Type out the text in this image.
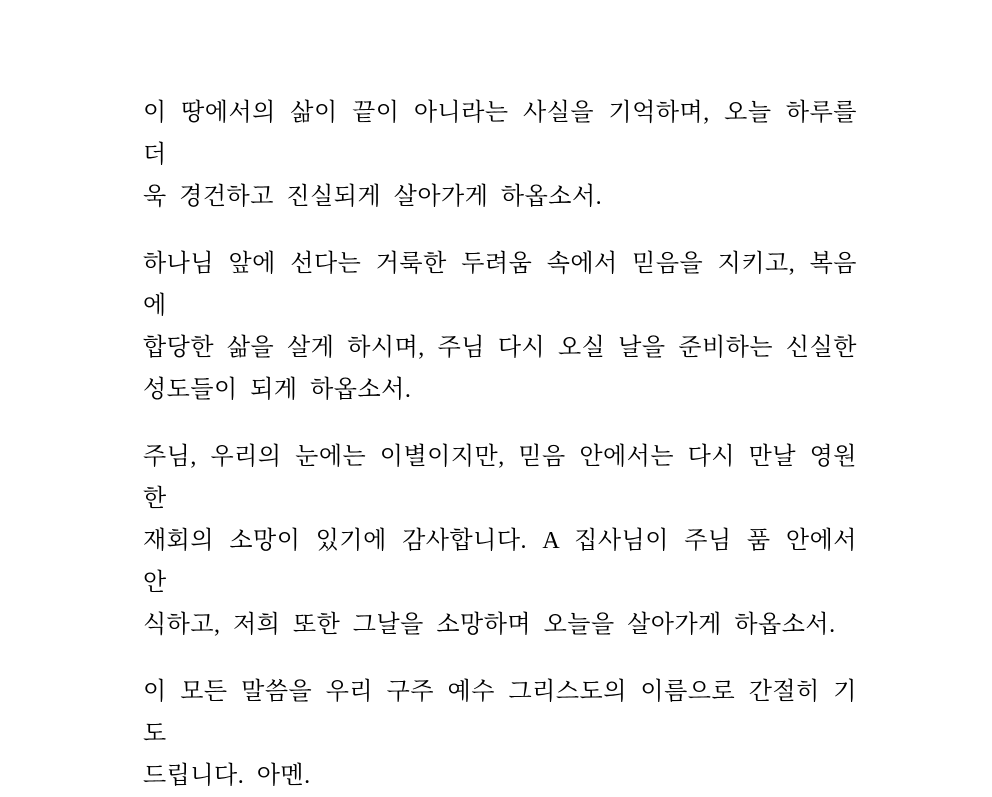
이 땅에서의 삶이 끝이 아니라는 사실을 기억하며, 오늘 하루를 더
욱 경건하고 진실되게 살아가게 하옵소서.

하나님 앞에 선다는 거룩한 두려움 속에서 믿음을 지키고, 복음에
합당한 삶을 살게 하시며, 주님 다시 오실 날을 준비하는 신실한
성도들이 되게 하옵소서.

주님, 우리의 눈에는 이별이지만, 믿음 안에서는 다시 만날 영원한
재회의 소망이 있기에 감사합니다. A 집사님이 주님 품 안에서 안
식하고, 저희 또한 그날을 소망하며 오늘을 살아가게 하옵소서.

이 모든 말씀을 우리 구주 예수 그리스도의 이름으로 간절히 기도
드립니다. 아멘.
